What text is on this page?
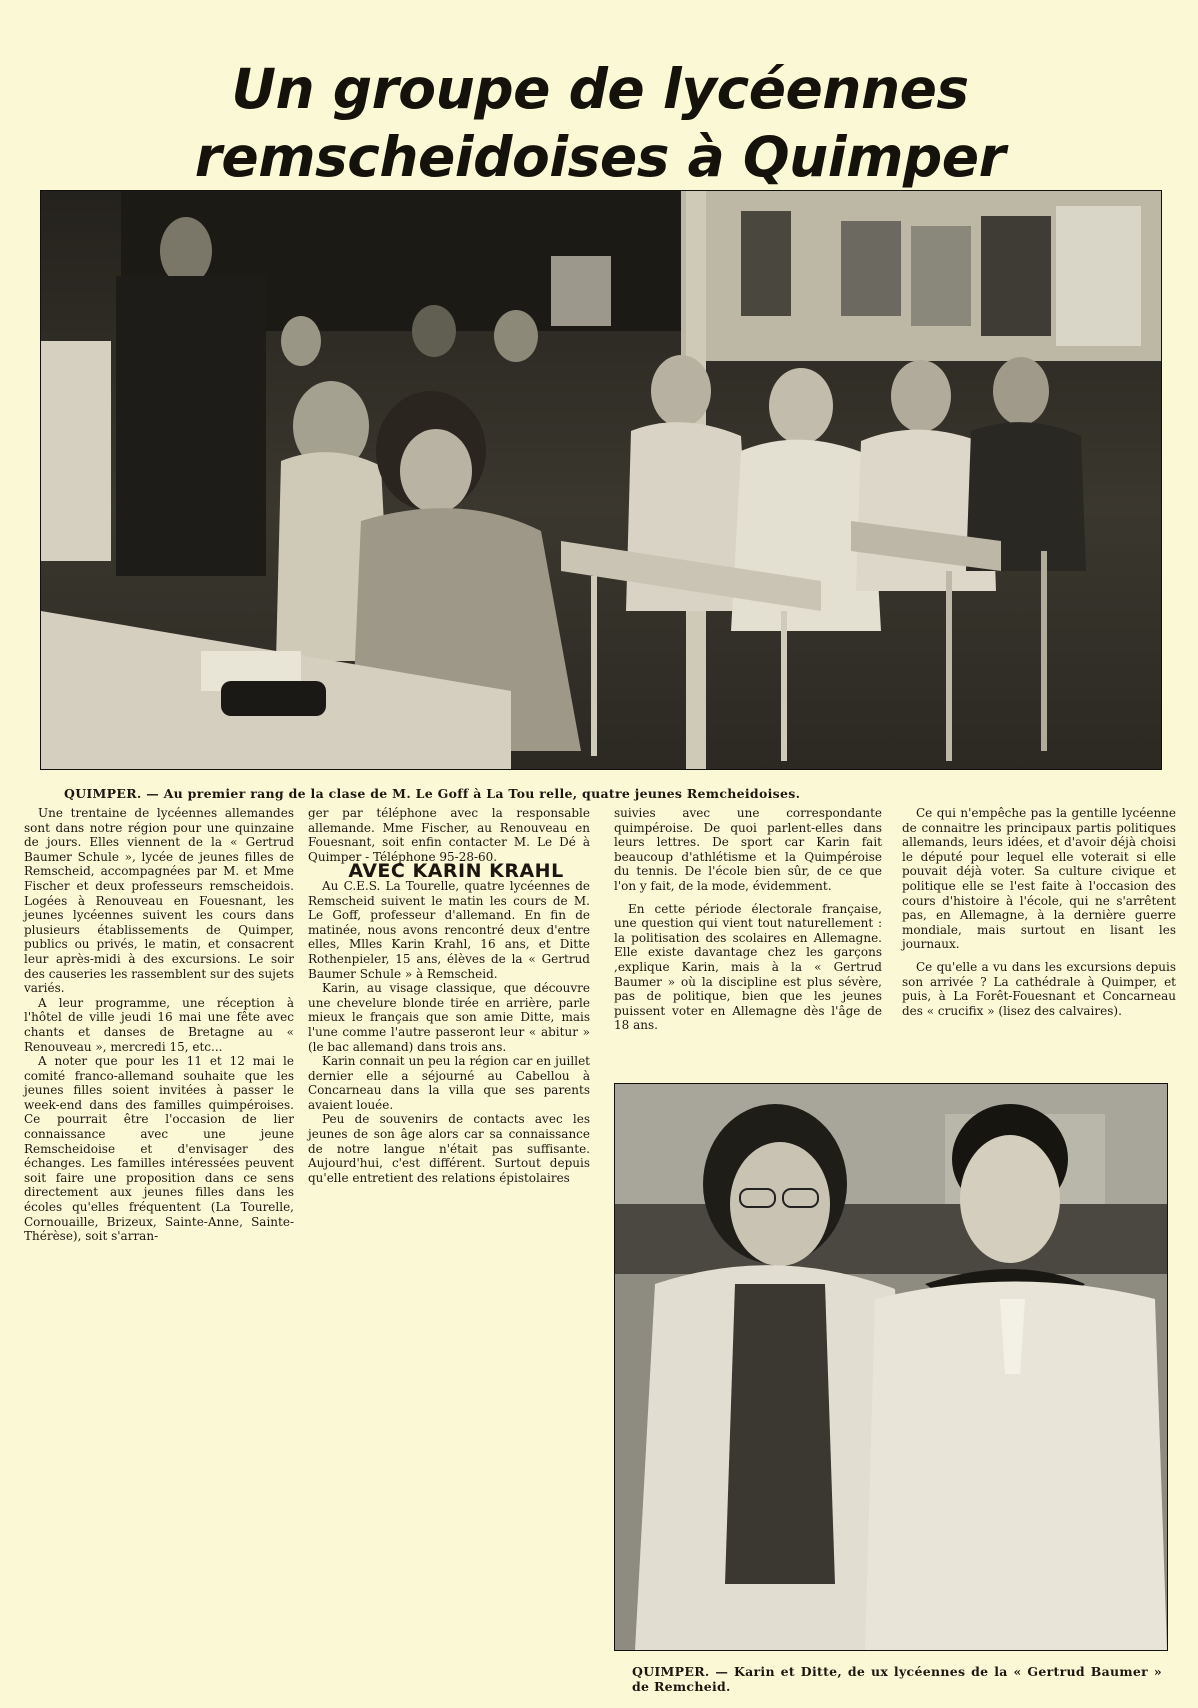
Un groupe de lycéennes
remscheidoises à Quimper
QUIMPER. — Au premier rang de la clase de M. Le Goff à La Tou relle, quatre jeunes Remcheidoises.

Une trentaine de lycéennes allemandes sont dans notre région pour une quinzaine de jours. Elles viennent de la « Gertrud Baumer Schule », lycée de jeunes filles de Remscheid, accompagnées par M. et Mme Fischer et deux professeurs remscheidois. Logées à Renouveau en Fouesnant, les jeunes lycéennes suivent les cours dans plusieurs établissements de Quimper, publics ou privés, le matin, et consacrent leur après-midi à des excursions. Le soir des causeries les rassemblent sur des sujets variés.

A leur programme, une réception à l'hôtel de ville jeudi 16 mai une fête avec chants et danses de Bretagne au « Renouveau », mercredi 15, etc...

A noter que pour les 11 et 12 mai le comité franco-allemand souhaite que les jeunes filles soient invitées à passer le week-end dans des familles quimpéroises. Ce pourrait être l'occasion de lier connaissance avec une jeune Remscheidoise et d'envisager des échanges. Les familles intéressées peuvent soit faire une proposition dans ce sens directement aux jeunes filles dans les écoles qu'elles fréquentent (La Tourelle, Cornouaille, Brizeux, Sainte-Anne, Sainte-Thérèse), soit s'arran-

ger par téléphone avec la responsable allemande. Mme Fischer, au Renouveau en Fouesnant, soit enfin contacter M. Le Dé à Quimper - Téléphone 95-28-60.

AVEC KARIN KRAHL

Au C.E.S. La Tourelle, quatre lycéennes de Remscheid suivent le matin les cours de M. Le Goff, professeur d'allemand. En fin de matinée, nous avons rencontré deux d'entre elles, Mlles Karin Krahl, 16 ans, et Ditte Rothenpieler, 15 ans, élèves de la « Gertrud Baumer Schule » à Remscheid.

Karin, au visage classique, que découvre une chevelure blonde tirée en arrière, parle mieux le français que son amie Ditte, mais l'une comme l'autre passeront leur « abitur » (le bac allemand) dans trois ans.

Karin connait un peu la région car en juillet dernier elle a séjourné au Cabellou à Concarneau dans la villa que ses parents avaient louée.

Peu de souvenirs de contacts avec les jeunes de son âge alors car sa connaissance de notre langue n'était pas suffisante. Aujourd'hui, c'est différent. Surtout depuis qu'elle entretient des relations épistolaires

suivies avec une correspondante quimpéroise. De quoi parlent-elles dans leurs lettres. De sport car Karin fait beaucoup d'athlétisme et la Quimpéroise du tennis. De l'école bien sûr, de ce que l'on y fait, de la mode, évidemment.

En cette période électorale française, une question qui vient tout naturellement : la politisation des scolaires en Allemagne. Elle existe davantage chez les garçons ,explique Karin, mais à la « Gertrud Baumer » où la discipline est plus sévère, pas de politique, bien que les jeunes puissent voter en Allemagne dès l'âge de 18 ans.

Ce qui n'empêche pas la gentille lycéenne de connaitre les principaux partis politiques allemands, leurs idées, et d'avoir déjà choisi le député pour lequel elle voterait si elle pouvait déjà voter. Sa culture civique et politique elle se l'est faite à l'occasion des cours d'histoire à l'école, qui ne s'arrêtent pas, en Allemagne, à la dernière guerre mondiale, mais surtout en lisant les journaux.

Ce qu'elle a vu dans les excursions depuis son arrivée ? La cathédrale à Quimper, et puis, à La Forêt-Fouesnant et Concarneau des « crucifix » (lisez des calvaires).

QUIMPER. — Karin et Ditte, de ux lycéennes de la « Gertrud Baumer » de Remcheid.
